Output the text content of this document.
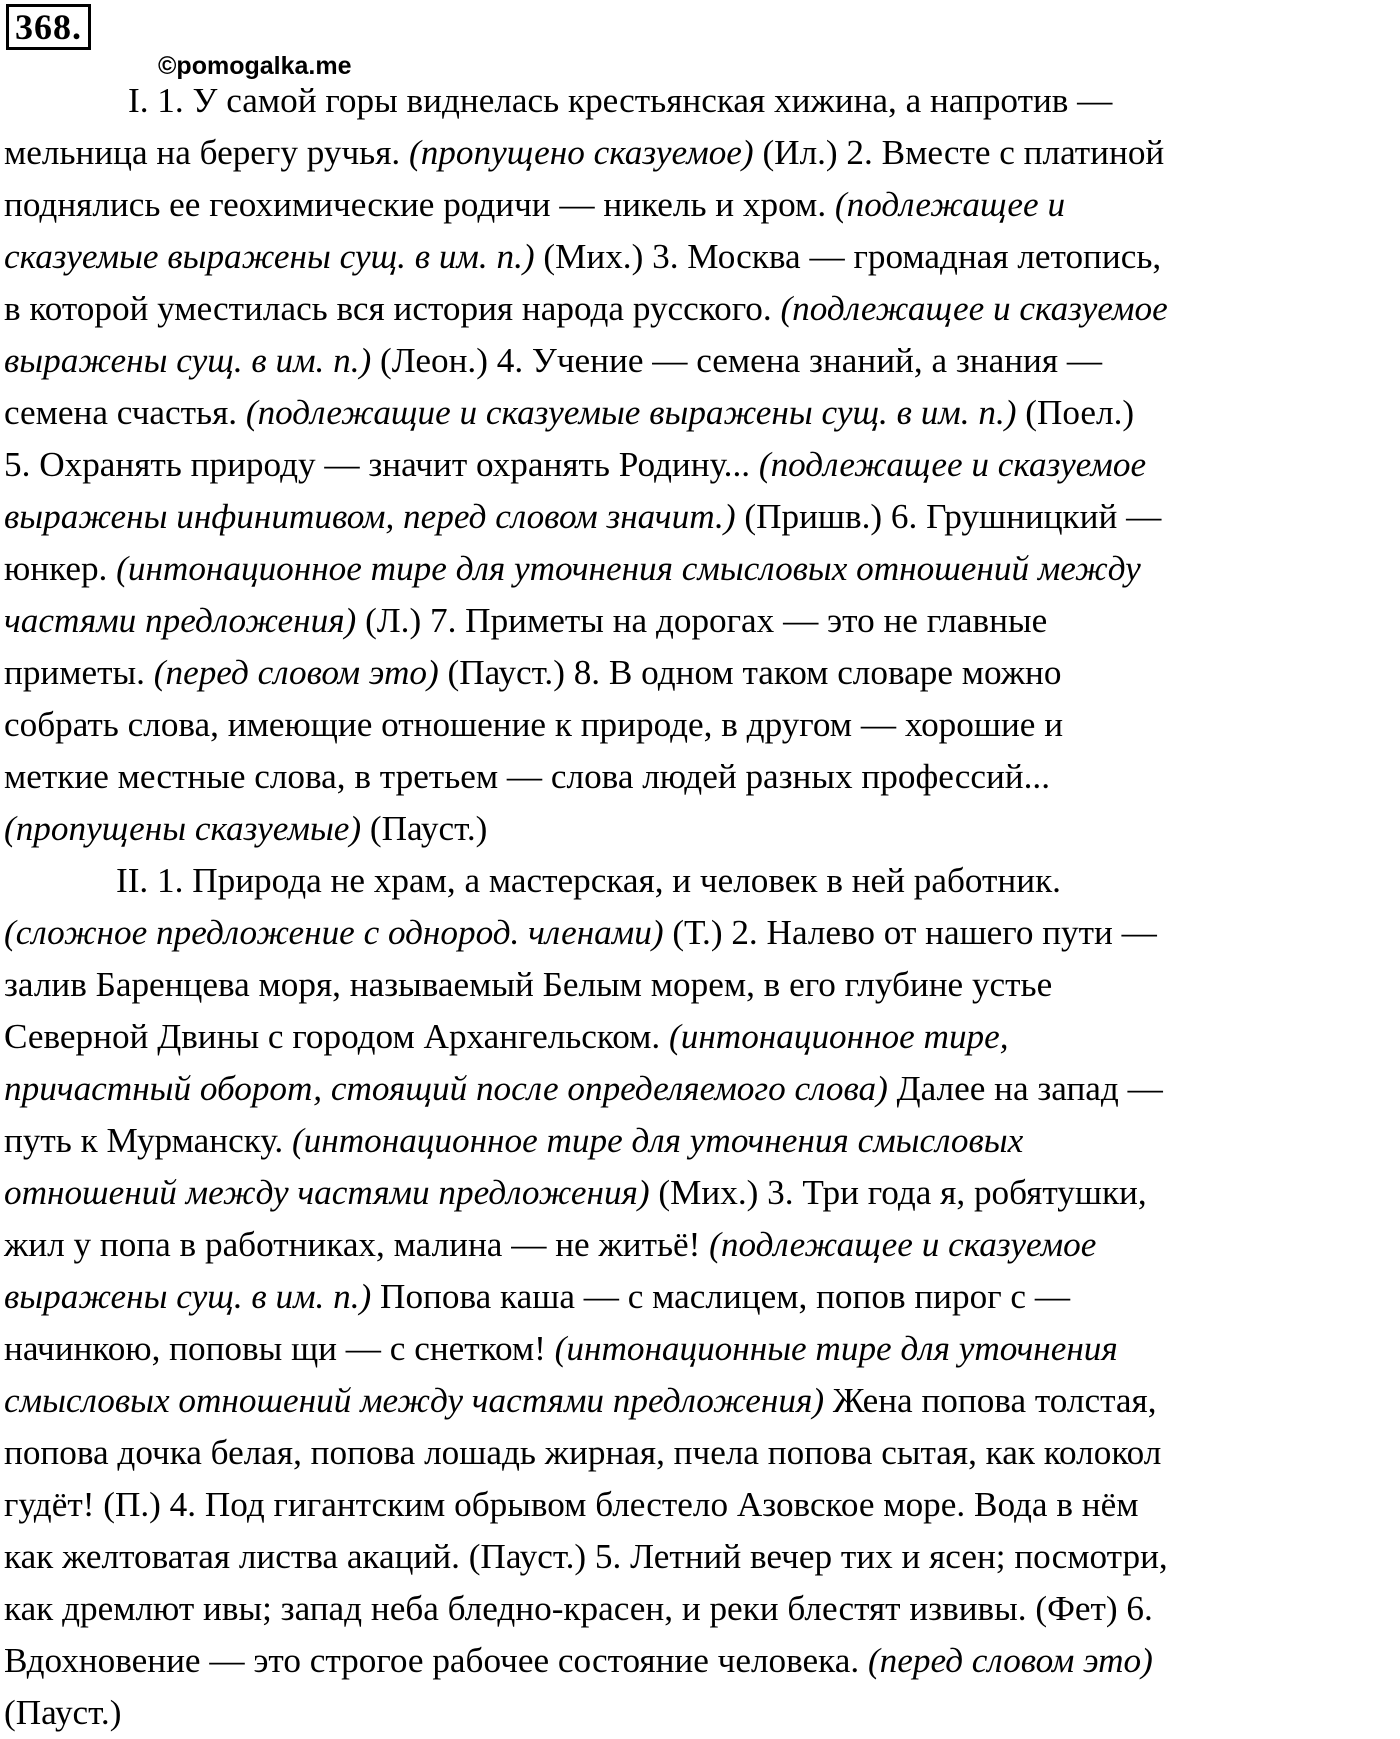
368.
©pomogalka.me
I. 1. У самой горы виднелась крестьянская хижина, а напротив —
мельница на берегу ручья. (пропущено сказуемое) (Ил.) 2. Вместе с платиной
поднялись ее геохимические родичи — никель и хром. (подлежащее и
сказуемые выражены сущ. в им. п.) (Мих.) 3. Москва — громадная летопись,
в которой уместилась вся история народа русского. (подлежащее и сказуемое
выражены сущ. в им. п.) (Леон.) 4. Учение — семена знаний, а знания —
семена счастья. (подлежащие и сказуемые выражены сущ. в им. п.) (Поел.)
5. Охранять природу — значит охранять Родину... (подлежащее и сказуемое
выражены инфинитивом, перед словом значит.) (Пришв.) 6. Грушницкий —
юнкер. (интонационное тире для уточнения смысловых отношений между
частями предложения) (Л.) 7. Приметы на дорогах — это не главные
приметы. (перед словом это) (Пауст.) 8. В одном таком словаре можно
собрать слова, имеющие отношение к природе, в другом — хорошие и
меткие местные слова, в третьем — слова людей разных профессий...
(пропущены сказуемые) (Пауст.)
II. 1. Природа не храм, а мастерская, и человек в ней работник.
(сложное предложение с однород. членами) (Т.) 2. Налево от нашего пути —
залив Баренцева моря, называемый Белым морем, в его глубине устье
Северной Двины с городом Архангельском. (интонационное тире,
причастный оборот, стоящий после определяемого слова) Далее на запад —
путь к Мурманску. (интонационное тире для уточнения смысловых
отношений между частями предложения) (Мих.) 3. Три года я, робятушки,
жил у попа в работниках, малина — не житьё! (подлежащее и сказуемое
выражены сущ. в им. п.) Попова каша — с маслицем, попов пирог с —
начинкою, поповы щи — с снетком! (интонационные тире для уточнения
смысловых отношений между частями предложения) Жена попова толстая,
попова дочка белая, попова лошадь жирная, пчела попова сытая, как колокол
гудёт! (П.) 4. Под гигантским обрывом блестело Азовское море. Вода в нём
как желтоватая листва акаций. (Пауст.) 5. Летний вечер тих и ясен; посмотри,
как дремлют ивы; запад неба бледно-красен, и реки блестят извивы. (Фет) 6.
Вдохновение — это строгое рабочее состояние человека. (перед словом это)
(Пауст.)
